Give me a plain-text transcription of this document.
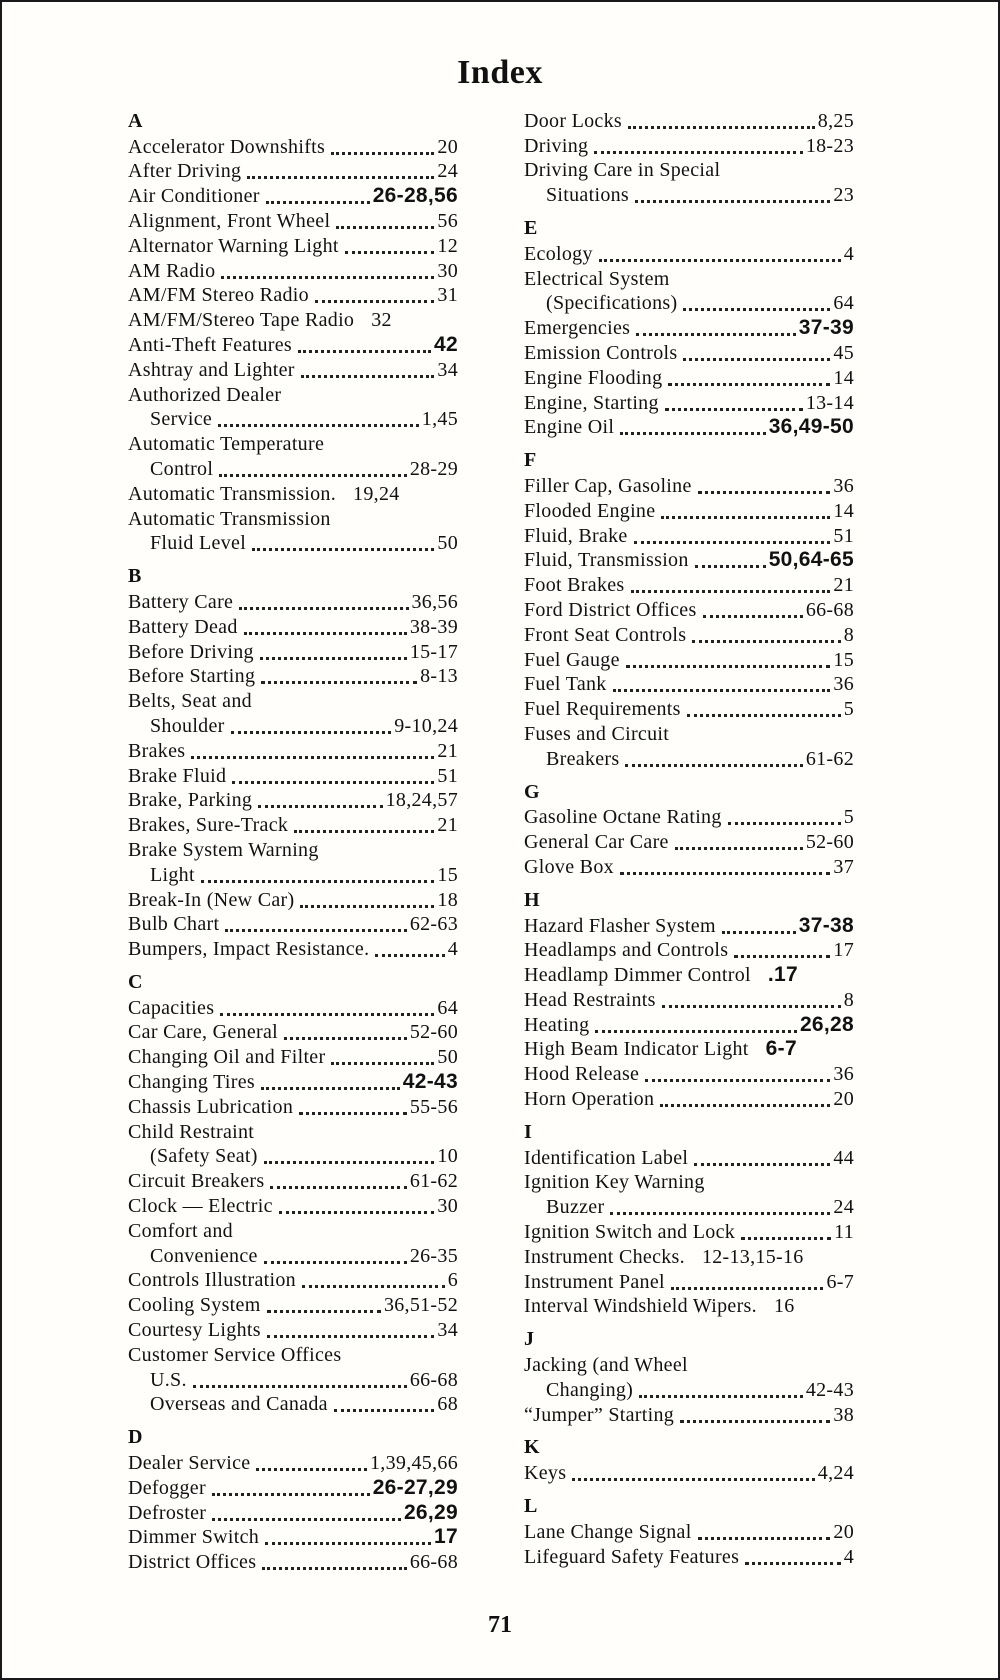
Index
A
Accelerator Downshifts	20
After Driving	24
Air Conditioner	26-28,56
Alignment, Front Wheel	56
Alternator Warning Light	12
AM Radio	30
AM/FM Stereo Radio	31
AM/FM/Stereo Tape Radio 32
Anti-Theft Features	42
Ashtray and Lighter	34
Authorized Dealer
Service	1,45
Automatic Temperature
Control	28-29
Automatic Transmission. 19,24
Automatic Transmission
Fluid Level	50
B
Battery Care	36,56
Battery Dead	38-39
Before Driving	15-17
Before Starting	8-13
Belts, Seat and
Shoulder	9-10,24
Brakes	21
Brake Fluid	51
Brake, Parking	18,24,57
Brakes, Sure-Track	21
Brake System Warning
Light	15
Break-In (New Car)	18
Bulb Chart	62-63
Bumpers, Impact Resistance.	4
C
Capacities	64
Car Care, General	52-60
Changing Oil and Filter	50
Changing Tires	42-43
Chassis Lubrication	55-56
Child Restraint
(Safety Seat)	10
Circuit Breakers	61-62
Clock — Electric	30
Comfort and
Convenience	26-35
Controls Illustration	6
Cooling System	36,51-52
Courtesy Lights	34
Customer Service Offices
U.S.	66-68
Overseas and Canada	68
D
Dealer Service	1,39,45,66
Defogger	26-27,29
Defroster	26,29
Dimmer Switch	17
District Offices	66-68
Door Locks	8,25
Driving	18-23
Driving Care in Special
Situations	23
E
Ecology	4
Electrical System
(Specifications)	64
Emergencies	37-39
Emission Controls	45
Engine Flooding	14
Engine, Starting	13-14
Engine Oil	36,49-50
F
Filler Cap, Gasoline	36
Flooded Engine	14
Fluid, Brake	51
Fluid, Transmission	50,64-65
Foot Brakes	21
Ford District Offices	66-68
Front Seat Controls	8
Fuel Gauge	15
Fuel Tank	36
Fuel Requirements	5
Fuses and Circuit
Breakers	61-62
G
Gasoline Octane Rating	5
General Car Care	52-60
Glove Box	37
H
Hazard Flasher System	37-38
Headlamps and Controls	17
Headlamp Dimmer Control .17
Head Restraints	8
Heating	26,28
High Beam Indicator Light 6-7
Hood Release	36
Horn Operation	20
I
Identification Label	44
Ignition Key Warning
Buzzer	24
Ignition Switch and Lock	11
Instrument Checks. 12-13,15-16
Instrument Panel	6-7
Interval Windshield Wipers. 16
J
Jacking (and Wheel
Changing)	42-43
“Jumper” Starting	38
K
Keys	4,24
L
Lane Change Signal	20
Lifeguard Safety Features	4
71
